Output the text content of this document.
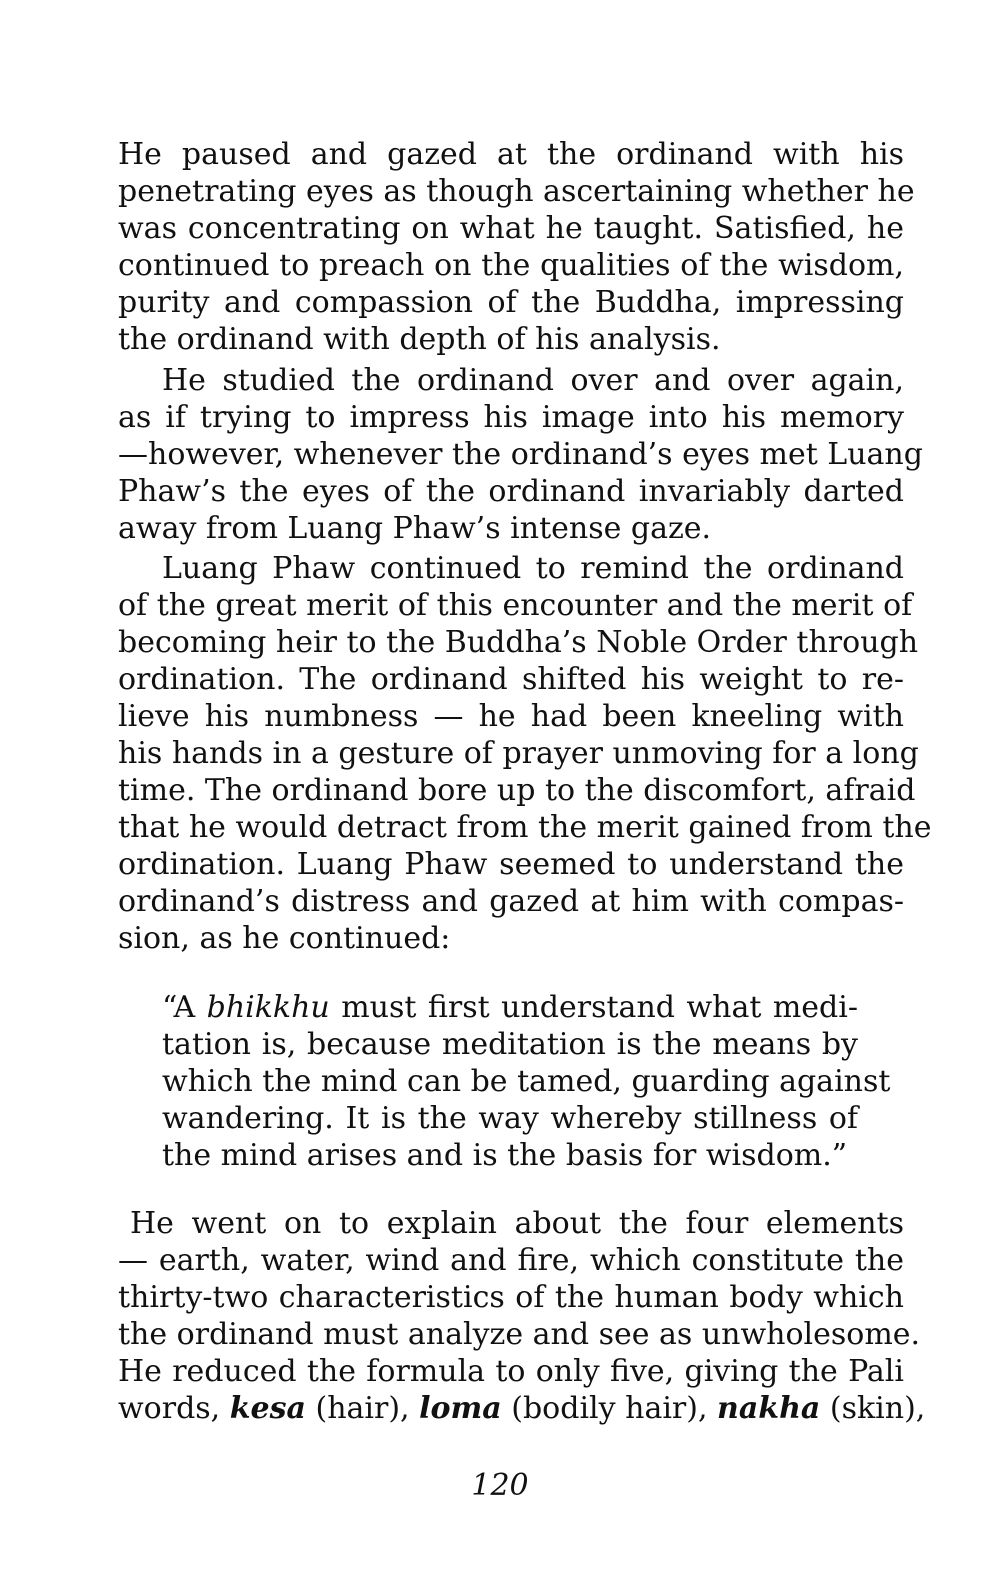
He paused and gazed at the ordinand with his
penetrating eyes as though ascertaining whether he
was concentrating on what he taught. Satisfied, he
continued to preach on the qualities of the wisdom,
purity and compassion of the Buddha, impressing
the ordinand with depth of his analysis.
He studied the ordinand over and over again,
as if trying to impress his image into his memory
—however, whenever the ordinand’s eyes met Luang
Phaw’s the eyes of the ordinand invariably darted
away from Luang Phaw’s intense gaze.
Luang Phaw continued to remind the ordinand
of the great merit of this encounter and the merit of
becoming heir to the Buddha’s Noble Order through
ordination. The ordinand shifted his weight to re-
lieve his numbness — he had been kneeling with
his hands in a gesture of prayer unmoving for a long
time. The ordinand bore up to the discomfort, afraid
that he would detract from the merit gained from the
ordination. Luang Phaw seemed to understand the
ordinand’s distress and gazed at him with compas-
sion, as he continued:
“A bhikkhu must first understand what medi-
tation is, because meditation is the means by
which the mind can be tamed, guarding against
wandering. It is the way whereby stillness of
the mind arises and is the basis for wisdom.”
He went on to explain about the four elements
— earth, water, wind and fire, which constitute the
thirty-two characteristics of the human body which
the ordinand must analyze and see as unwholesome.
He reduced the formula to only five, giving the Pali
words, kesa (hair), loma (bodily hair), nakha (skin),
120
